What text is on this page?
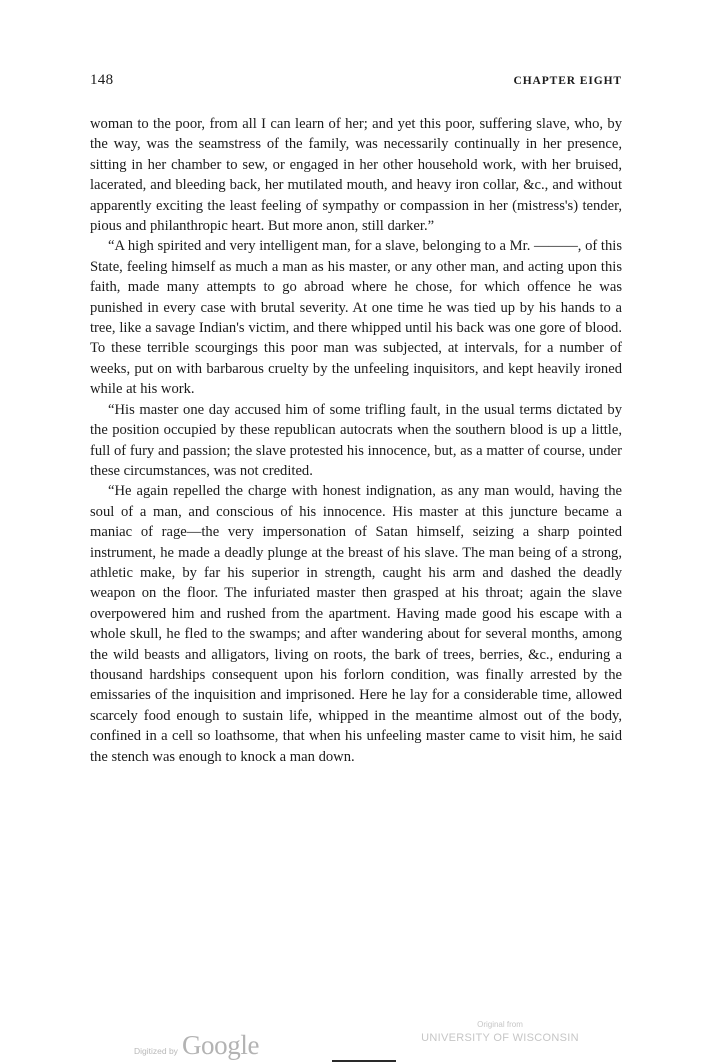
148	CHAPTER EIGHT

woman to the poor, from all I can learn of her; and yet this poor, suffering slave, who, by the way, was the seamstress of the family, was necessarily continually in her presence, sitting in her chamber to sew, or engaged in her other household work, with her bruised, lacerated, and bleeding back, her mutilated mouth, and heavy iron collar, &c., and without apparently exciting the least feeling of sympathy or compassion in her (mistress's) tender, pious and philanthropic heart. But more anon, still darker.”

“A high spirited and very intelligent man, for a slave, belonging to a Mr. ———, of this State, feeling himself as much a man as his master, or any other man, and acting upon this faith, made many attempts to go abroad where he chose, for which offence he was punished in every case with brutal severity. At one time he was tied up by his hands to a tree, like a savage Indian's victim, and there whipped until his back was one gore of blood. To these terrible scourgings this poor man was subjected, at intervals, for a number of weeks, put on with barbarous cruelty by the unfeeling inquisitors, and kept heavily ironed while at his work.

“His master one day accused him of some trifling fault, in the usual terms dictated by the position occupied by these republican autocrats when the southern blood is up a little, full of fury and passion; the slave protested his innocence, but, as a matter of course, under these circumstances, was not credited.

“He again repelled the charge with honest indignation, as any man would, having the soul of a man, and conscious of his innocence. His master at this juncture became a maniac of rage—the very impersonation of Satan himself, seizing a sharp pointed instrument, he made a deadly plunge at the breast of his slave. The man being of a strong, athletic make, by far his superior in strength, caught his arm and dashed the deadly weapon on the floor. The infuriated master then grasped at his throat; again the slave overpowered him and rushed from the apartment. Having made good his escape with a whole skull, he fled to the swamps; and after wandering about for several months, among the wild beasts and alligators, living on roots, the bark of trees, berries, &c., enduring a thousand hardships consequent upon his forlorn condition, was finally arrested by the emissaries of the inquisition and imprisoned. Here he lay for a considerable time, allowed scarcely food enough to sustain life, whipped in the meantime almost out of the body, confined in a cell so loathsome, that when his unfeeling master came to visit him, he said the stench was enough to knock a man down.

Digitized by Google
Original from
UNIVERSITY OF WISCONSIN
